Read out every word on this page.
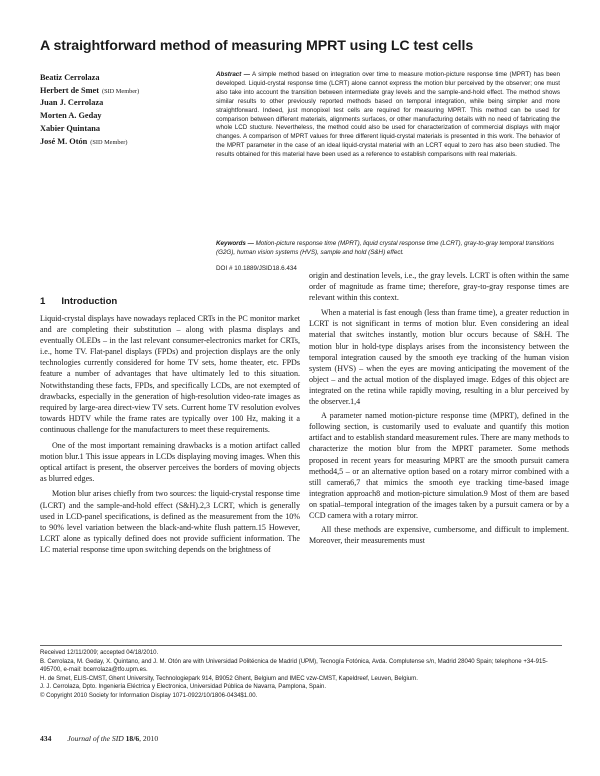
A straightforward method of measuring MPRT using LC test cells
Beatiz Cerrolaza
Herbert de Smet (SID Member)
Juan J. Cerrolaza
Morten A. Geday
Xabier Quintana
José M. Otón (SID Member)
Abstract — A simple method based on integration over time to measure motion-picture response time (MPRT) has been developed. Liquid-crystal response time (LCRT) alone cannot express the motion blur perceived by the observer; one must also take into account the transition between intermediate gray levels and the sample-and-hold effect. The method shows similar results to other previously reported methods based on temporal integration, while being simpler and more straightforward. Indeed, just monopixel test cells are required for measuring MPRT. This method can be used for comparison between different materials, alignments surfaces, or other manufacturing details with no need of fabricating the whole LCD stucture. Nevertheless, the method could also be used for characterization of commercial displays with major changes. A comparison of MPRT values for three different liquid-crystal materials is presented in this work. The behavior of the MPRT parameter in the case of an ideal liquid-crystal material with an LCRT equal to zero has also been studied. The results obtained for this material have been used as a reference to establish comparisons with real materials.
Keywords — Motion-picture response time (MPRT), liquid crystal response time (LCRT), gray-to-gray temporal transitions (G2G), human vision systems (HVS), sample and hold (S&H) effect.
DOI # 10.1889/JSID18.6.434
1 Introduction

Liquid-crystal displays have nowadays replaced CRTs in the PC monitor market and are completing their substitution – along with plasma displays and eventually OLEDs – in the last relevant consumer-electronics market for CRTs, i.e., home TV. Flat-panel displays (FPDs) and projection displays are the only technologies currently considered for home TV sets, home theater, etc. FPDs feature a number of advantages that have ultimately led to this situation. Notwithstanding these facts, FPDs, and specifically LCDs, are not exempted of drawbacks, especially in the generation of high-resolution video-rate images as required by large-area direct-view TV sets. Current home TV resolution evolves towards HDTV while the frame rates are typically over 100 Hz, making it a continuous challenge for the manufacturers to meet these requirements.

One of the most important remaining drawbacks is a motion artifact called motion blur.1 This issue appears in LCDs displaying moving images. When this optical artifact is present, the observer perceives the borders of moving objects as blurred edges.

Motion blur arises chiefly from two sources: the liquid-crystal response time (LCRT) and the sample-and-hold effect (S&H).2,3 LCRT, which is generally used in LCD-panel specifications, is defined as the measurement from the 10% to 90% level variation between the black-and-white flush pattern.15 However, LCRT alone as typically defined does not provide sufficient information. The LC material response time upon switching depends on the brightness of

origin and destination levels, i.e., the gray levels. LCRT is often within the same order of magnitude as frame time; therefore, gray-to-gray response times are relevant within this context.

When a material is fast enough (less than frame time), a greater reduction in LCRT is not significant in terms of motion blur. Even considering an ideal material that switches instantly, motion blur occurs because of S&H. The motion blur in hold-type displays arises from the inconsistency between the temporal integration caused by the smooth eye tracking of the human vision system (HVS) – when the eyes are moving anticipating the movement of the object – and the actual motion of the displayed image. Edges of this object are integrated on the retina while rapidly moving, resulting in a blur perceived by the observer.1,4

A parameter named motion-picture response time (MPRT), defined in the following section, is customarily used to evaluate and quantify this motion artifact and to establish standard measurement rules. There are many methods to characterize the motion blur from the MPRT parameter. Some methods proposed in recent years for measuring MPRT are the smooth pursuit camera method4,5 – or an alternative option based on a rotary mirror combined with a still camera6,7 that mimics the smooth eye tracking time-based image integration approach8 and motion-picture simulation.9 Most of them are based on spatial–temporal integration of the images taken by a pursuit camera or by a CCD camera with a rotary mirror.

All these methods are expensive, cumbersome, and difficult to implement. Moreover, their measurements must

Received 12/11/2009; accepted 04/18/2010.
B. Cerrolaza, M. Geday, X. Quintano, and J. M. Otón are with Universidad Politécnica de Madrid (UPM), Tecnogía Fotónica, Avda. Complutense s/n, Madrid 28040 Spain; telephone +34-915-495700, e-mail: bcerrolaza@tfo.upm.es.
H. de Smet, ELIS-CMST, Ghent University, Technologiepark 914, B9052 Ghent, Belgium and IMEC vzw-CMST, Kapeldreef, Leuven, Belgium.
J. J. Cerrolaza, Dpto. Ingeniería Eléctrica y Electronica, Universidad Pública de Navarra, Pamplona, Spain.
© Copyright 2010 Society for Information Display 1071-0922/10/1806-0434$1.00.
434 Journal of the SID 18/6, 2010
